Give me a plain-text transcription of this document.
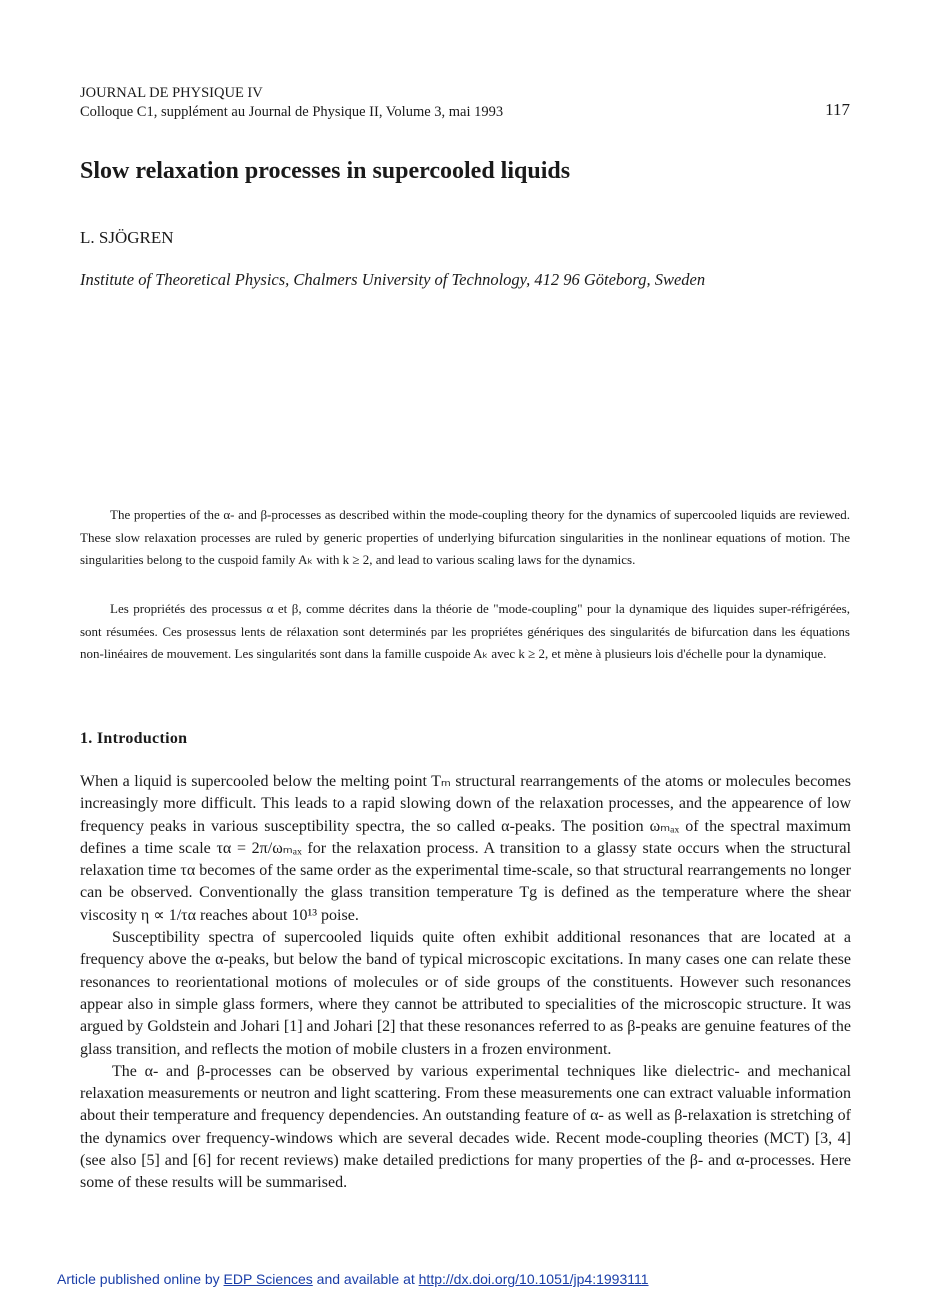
JOURNAL DE PHYSIQUE IV
Colloque C1, supplément au Journal de Physique II, Volume 3, mai 1993	117
Slow relaxation processes in supercooled liquids
L. SJÖGREN
Institute of Theoretical Physics, Chalmers University of Technology, 412 96 Göteborg, Sweden

The properties of the α- and β-processes as described within the mode-coupling theory for the dynamics of supercooled liquids are reviewed. These slow relaxation processes are ruled by generic properties of underlying bifurcation singularities in the nonlinear equations of motion. The singularities belong to the cuspoid family Aₖ with k ≥ 2, and lead to various scaling laws for the dynamics.

Les propriétés des processus α et β, comme décrites dans la théorie de "mode-coupling" pour la dynamique des liquides super-réfrigérées, sont résumées. Ces prosessus lents de rélaxation sont determinés par les propriétes génériques des singularités de bifurcation dans les équations non-linéaires de mouvement. Les singularités sont dans la famille cuspoide Aₖ avec k ≥ 2, et mène à plusieurs lois d'échelle pour la dynamique.

1. Introduction

When a liquid is supercooled below the melting point Tₘ structural rearrangements of the atoms or molecules becomes increasingly more difficult. This leads to a rapid slowing down of the relaxation processes, and the appearence of low frequency peaks in various susceptibility spectra, the so called α-peaks. The position ωₘₐₓ of the spectral maximum defines a time scale τα = 2π/ωₘₐₓ for the relaxation process. A transition to a glassy state occurs when the structural relaxation time τα becomes of the same order as the experimental time-scale, so that structural rearrangements no longer can be observed. Conventionally the glass transition temperature Tg is defined as the temperature where the shear viscosity η ∝ 1/τα reaches about 10¹³ poise.

Susceptibility spectra of supercooled liquids quite often exhibit additional resonances that are located at a frequency above the α-peaks, but below the band of typical microscopic excitations. In many cases one can relate these resonances to reorientational motions of molecules or of side groups of the constituents. However such resonances appear also in simple glass formers, where they cannot be attributed to specialities of the microscopic structure. It was argued by Goldstein and Johari [1] and Johari [2] that these resonances referred to as β-peaks are genuine features of the glass transition, and reflects the motion of mobile clusters in a frozen environment.

The α- and β-processes can be observed by various experimental techniques like dielectric- and mechanical relaxation measurements or neutron and light scattering. From these measurements one can extract valuable information about their temperature and frequency dependencies. An outstanding feature of α- as well as β-relaxation is stretching of the dynamics over frequency-windows which are several decades wide. Recent mode-coupling theories (MCT) [3, 4] (see also [5] and [6] for recent reviews) make detailed predictions for many properties of the β- and α-processes. Here some of these results will be summarised.

Article published online by EDP Sciences and available at http://dx.doi.org/10.1051/jp4:1993111
